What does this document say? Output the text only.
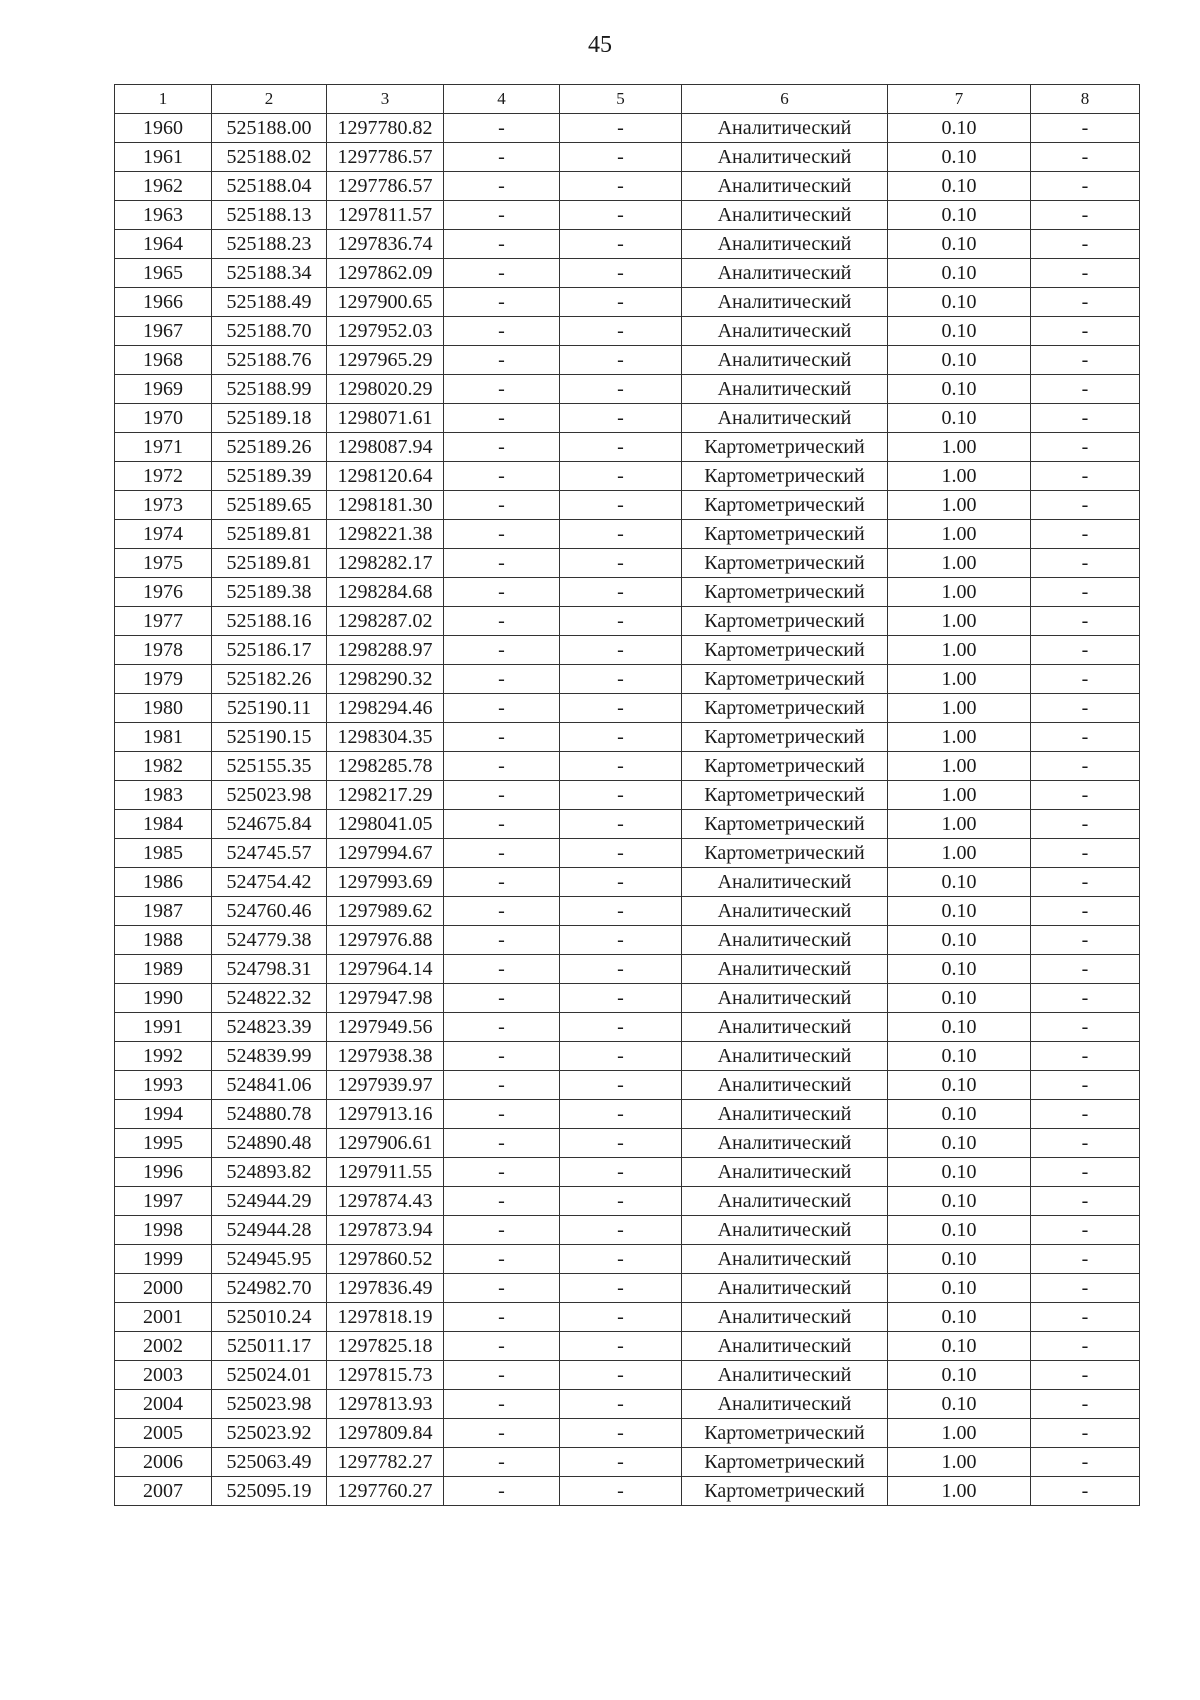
45
1	2	3	4	5	6	7	8
1960	525188.00	1297780.82	-	-	Аналитический	0.10	-
1961	525188.02	1297786.57	-	-	Аналитический	0.10	-
1962	525188.04	1297786.57	-	-	Аналитический	0.10	-
1963	525188.13	1297811.57	-	-	Аналитический	0.10	-
1964	525188.23	1297836.74	-	-	Аналитический	0.10	-
1965	525188.34	1297862.09	-	-	Аналитический	0.10	-
1966	525188.49	1297900.65	-	-	Аналитический	0.10	-
1967	525188.70	1297952.03	-	-	Аналитический	0.10	-
1968	525188.76	1297965.29	-	-	Аналитический	0.10	-
1969	525188.99	1298020.29	-	-	Аналитический	0.10	-
1970	525189.18	1298071.61	-	-	Аналитический	0.10	-
1971	525189.26	1298087.94	-	-	Картометрический	1.00	-
1972	525189.39	1298120.64	-	-	Картометрический	1.00	-
1973	525189.65	1298181.30	-	-	Картометрический	1.00	-
1974	525189.81	1298221.38	-	-	Картометрический	1.00	-
1975	525189.81	1298282.17	-	-	Картометрический	1.00	-
1976	525189.38	1298284.68	-	-	Картометрический	1.00	-
1977	525188.16	1298287.02	-	-	Картометрический	1.00	-
1978	525186.17	1298288.97	-	-	Картометрический	1.00	-
1979	525182.26	1298290.32	-	-	Картометрический	1.00	-
1980	525190.11	1298294.46	-	-	Картометрический	1.00	-
1981	525190.15	1298304.35	-	-	Картометрический	1.00	-
1982	525155.35	1298285.78	-	-	Картометрический	1.00	-
1983	525023.98	1298217.29	-	-	Картометрический	1.00	-
1984	524675.84	1298041.05	-	-	Картометрический	1.00	-
1985	524745.57	1297994.67	-	-	Картометрический	1.00	-
1986	524754.42	1297993.69	-	-	Аналитический	0.10	-
1987	524760.46	1297989.62	-	-	Аналитический	0.10	-
1988	524779.38	1297976.88	-	-	Аналитический	0.10	-
1989	524798.31	1297964.14	-	-	Аналитический	0.10	-
1990	524822.32	1297947.98	-	-	Аналитический	0.10	-
1991	524823.39	1297949.56	-	-	Аналитический	0.10	-
1992	524839.99	1297938.38	-	-	Аналитический	0.10	-
1993	524841.06	1297939.97	-	-	Аналитический	0.10	-
1994	524880.78	1297913.16	-	-	Аналитический	0.10	-
1995	524890.48	1297906.61	-	-	Аналитический	0.10	-
1996	524893.82	1297911.55	-	-	Аналитический	0.10	-
1997	524944.29	1297874.43	-	-	Аналитический	0.10	-
1998	524944.28	1297873.94	-	-	Аналитический	0.10	-
1999	524945.95	1297860.52	-	-	Аналитический	0.10	-
2000	524982.70	1297836.49	-	-	Аналитический	0.10	-
2001	525010.24	1297818.19	-	-	Аналитический	0.10	-
2002	525011.17	1297825.18	-	-	Аналитический	0.10	-
2003	525024.01	1297815.73	-	-	Аналитический	0.10	-
2004	525023.98	1297813.93	-	-	Аналитический	0.10	-
2005	525023.92	1297809.84	-	-	Картометрический	1.00	-
2006	525063.49	1297782.27	-	-	Картометрический	1.00	-
2007	525095.19	1297760.27	-	-	Картометрический	1.00	-
